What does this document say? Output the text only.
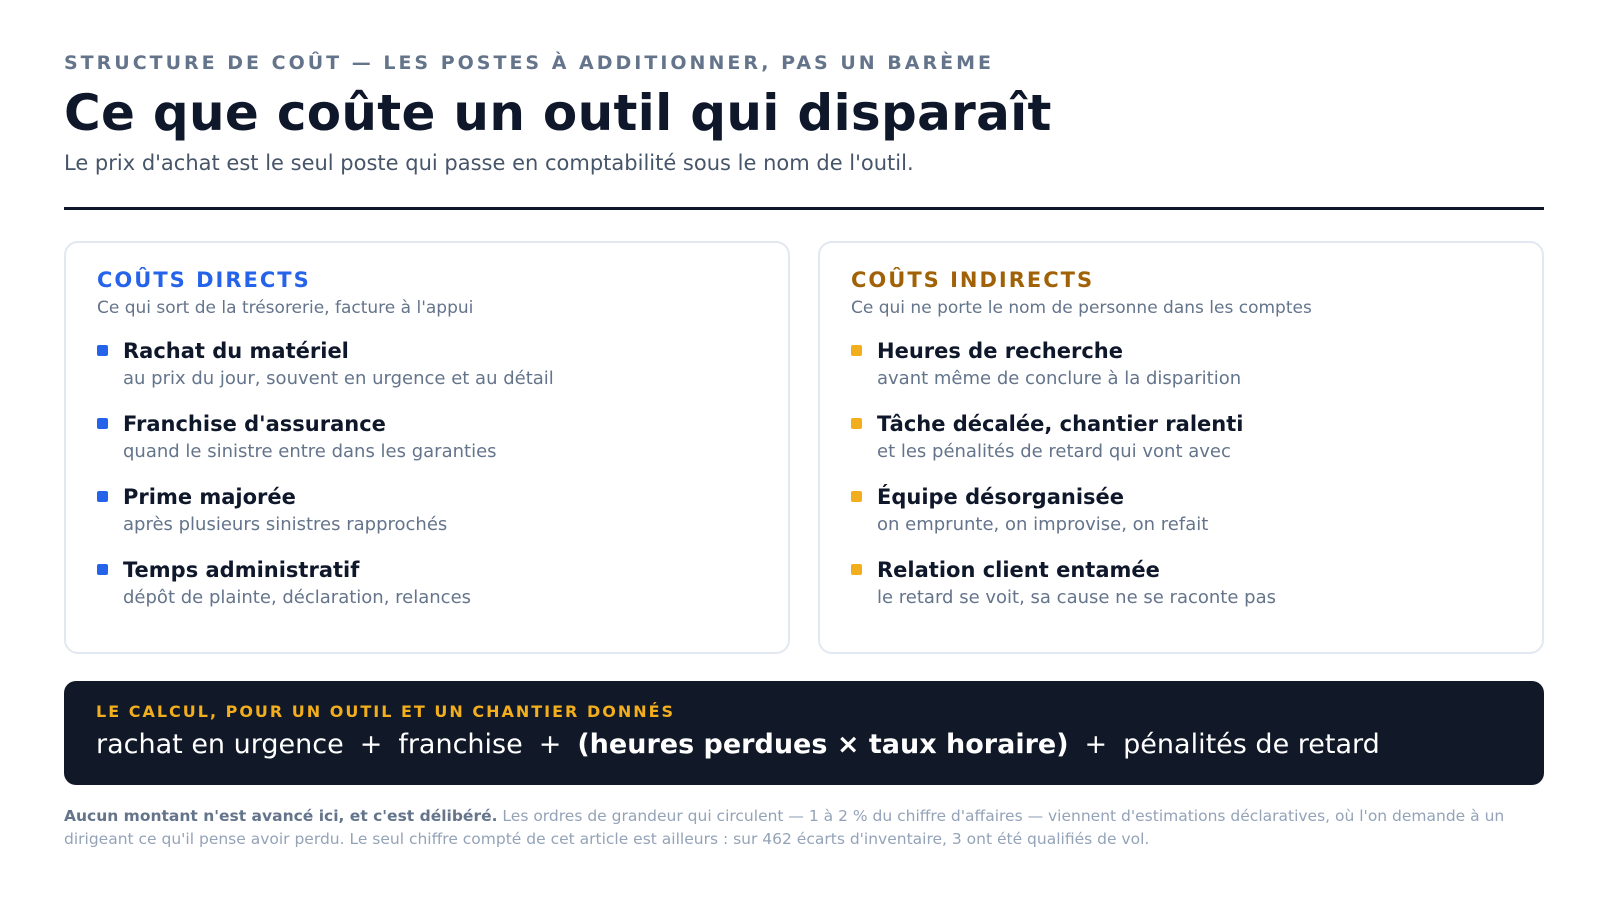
STRUCTURE DE COÛT — LES POSTES À ADDITIONNER, PAS UN BARÈME
Ce que coûte un outil qui disparaît
Le prix d'achat est le seul poste qui passe en comptabilité sous le nom de l'outil.
COÛTS DIRECTS
Ce qui sort de la trésorerie, facture à l'appui
Rachat du matériel
au prix du jour, souvent en urgence et au détail
Franchise d'assurance
quand le sinistre entre dans les garanties
Prime majorée
après plusieurs sinistres rapprochés
Temps administratif
dépôt de plainte, déclaration, relances
COÛTS INDIRECTS
Ce qui ne porte le nom de personne dans les comptes
Heures de recherche
avant même de conclure à la disparition
Tâche décalée, chantier ralenti
et les pénalités de retard qui vont avec
Équipe désorganisée
on emprunte, on improvise, on refait
Relation client entamée
le retard se voit, sa cause ne se raconte pas
LE CALCUL, POUR UN OUTIL ET UN CHANTIER DONNÉS
rachat en urgence + franchise + (heures perdues × taux horaire) + pénalités de retard

Aucun montant n'est avancé ici, et c'est délibéré. Les ordres de grandeur qui circulent — 1 à 2 % du chiffre d'affaires — viennent d'estimations déclaratives, où l'on demande à un dirigeant ce qu'il pense avoir perdu. Le seul chiffre compté de cet article est ailleurs : sur 462 écarts d'inventaire, 3 ont été qualifiés de vol.
